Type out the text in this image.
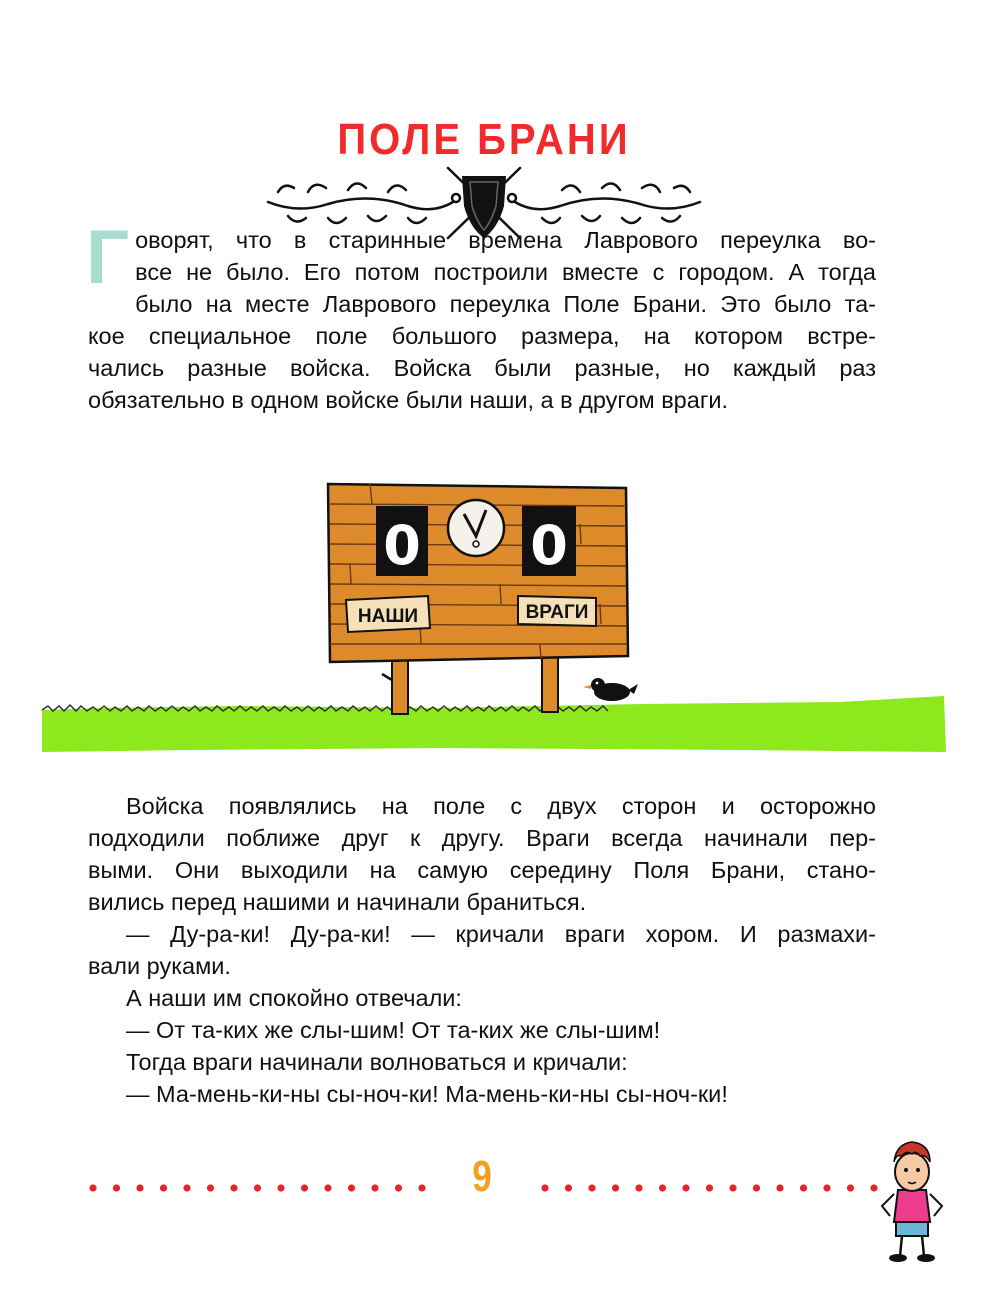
ПОЛЕ БРАНИ

Г оворят, что в старинные времена Лаврового переулка во-
все не было. Его потом построили вместе с городом. А тогда
было на месте Лаврового переулка Поле Брани. Это было та-
кое специальное поле большого размера, на котором встре-
чались разные войска. Войска были разные, но каждый раз
обязательно в одном войске были наши, а в другом враги.

0 0
НАШИ	ВРАГИ

Войска появлялись на поле с двух сторон и осторожно
подходили поближе друг к другу. Враги всегда начинали пер-
выми. Они выходили на самую середину Поля Брани, стано-
вились перед нашими и начинали браниться.
— Ду-ра-ки! Ду-ра-ки! — кричали враги хором. И размахи-
вали руками.
А наши им спокойно отвечали:
— От та-ких же слы-шим! От та-ких же слы-шим!
Тогда враги начинали волноваться и кричали:
— Ма-мень-ки-ны сы-ноч-ки! Ма-мень-ки-ны сы-ноч-ки!

9
